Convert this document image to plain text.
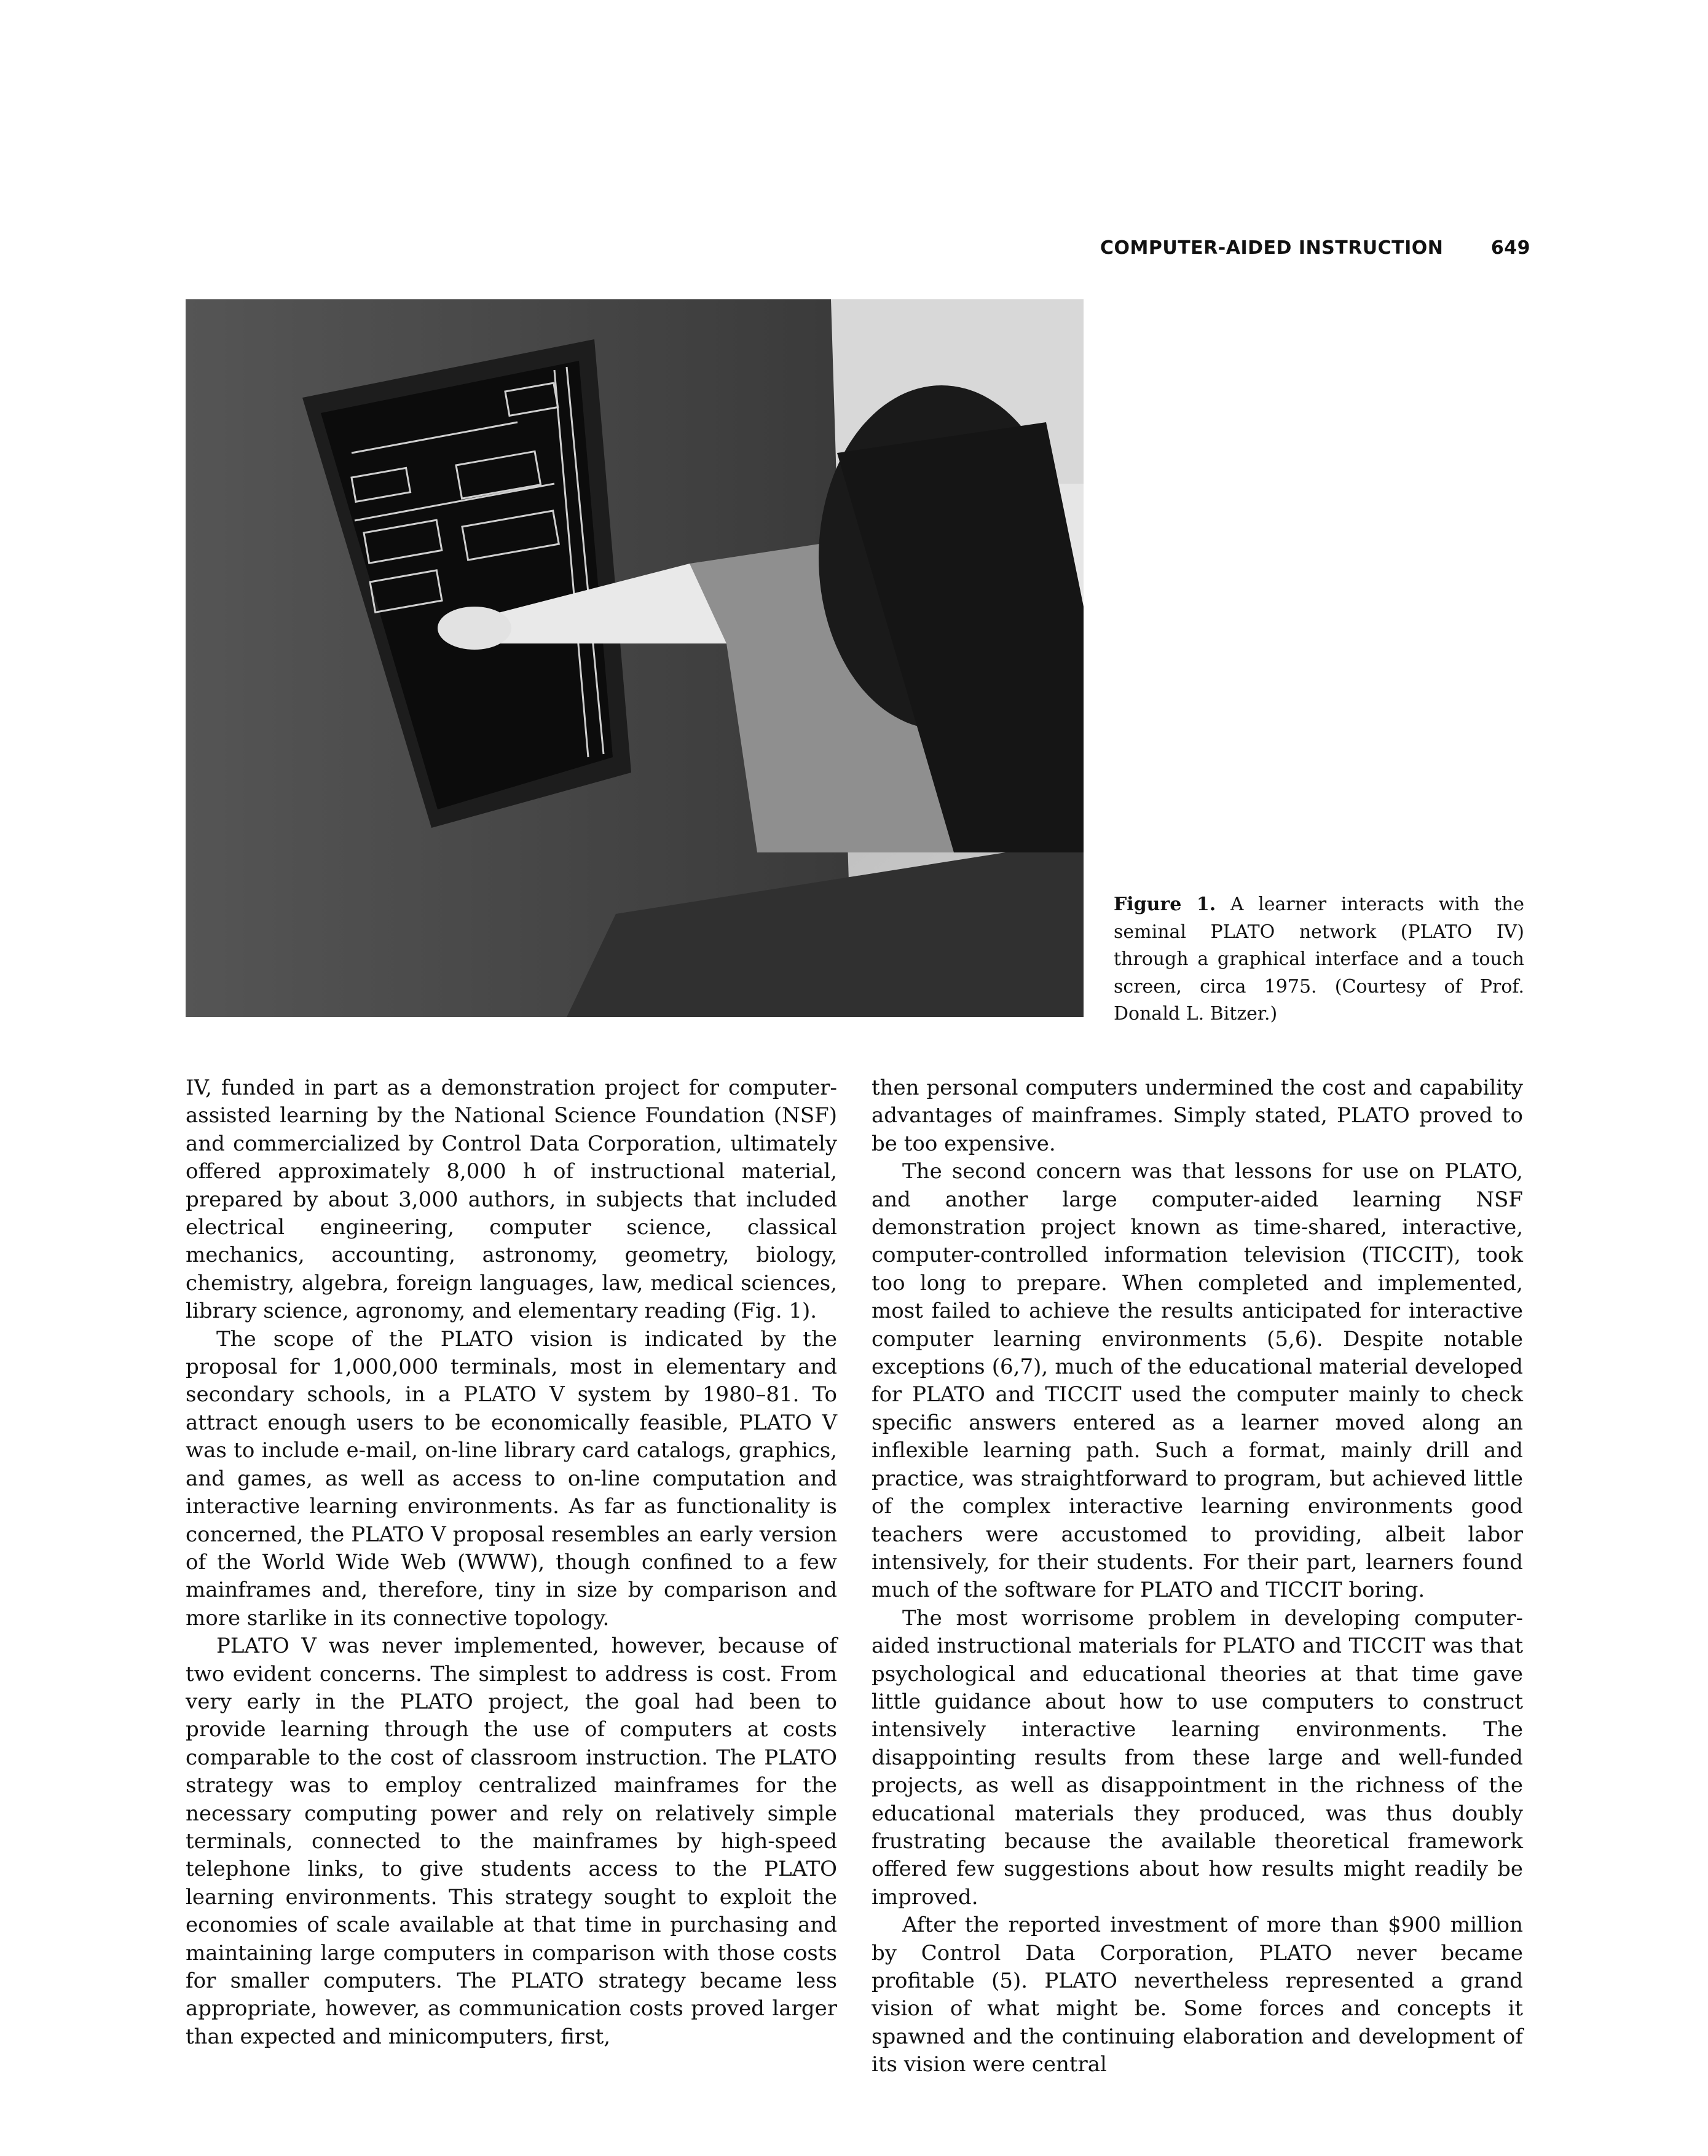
COMPUTER-AIDED INSTRUCTION	649
Figure 1. A learner interacts with the seminal PLATO network (PLATO IV) through a graphical interface and a touch screen, circa 1975. (Courtesy of Prof. Donald L. Bitzer.)

IV, funded in part as a demonstration project for computer-assisted learning by the National Science Foundation (NSF) and commercialized by Control Data Corporation, ultimately offered approximately 8,000 h of instructional material, prepared by about 3,000 authors, in subjects that included electrical engineering, computer science, classical mechanics, accounting, astronomy, geometry, biology, chemistry, algebra, foreign languages, law, medical sciences, library science, agronomy, and elementary reading (Fig. 1).

The scope of the PLATO vision is indicated by the proposal for 1,000,000 terminals, most in elementary and secondary schools, in a PLATO V system by 1980–81. To attract enough users to be economically feasible, PLATO V was to include e-mail, on-line library card catalogs, graphics, and games, as well as access to on-line computation and interactive learning environments. As far as functionality is concerned, the PLATO V proposal resembles an early version of the World Wide Web (WWW), though confined to a few mainframes and, therefore, tiny in size by comparison and more starlike in its connective topology.

PLATO V was never implemented, however, because of two evident concerns. The simplest to address is cost. From very early in the PLATO project, the goal had been to provide learning through the use of computers at costs comparable to the cost of classroom instruction. The PLATO strategy was to employ centralized mainframes for the necessary computing power and rely on relatively simple terminals, connected to the mainframes by high-speed telephone links, to give students access to the PLATO learning environments. This strategy sought to exploit the economies of scale available at that time in purchasing and maintaining large computers in comparison with those costs for smaller computers. The PLATO strategy became less appropriate, however, as communication costs proved larger than expected and minicomputers, first,

then personal computers undermined the cost and capability advantages of mainframes. Simply stated, PLATO proved to be too expensive.

The second concern was that lessons for use on PLATO, and another large computer-aided learning NSF demonstration project known as time-shared, interactive, computer-controlled information television (TICCIT), took too long to prepare. When completed and implemented, most failed to achieve the results anticipated for interactive computer learning environments (5,6). Despite notable exceptions (6,7), much of the educational material developed for PLATO and TICCIT used the computer mainly to check specific answers entered as a learner moved along an inflexible learning path. Such a format, mainly drill and practice, was straightforward to program, but achieved little of the complex interactive learning environments good teachers were accustomed to providing, albeit labor intensively, for their students. For their part, learners found much of the software for PLATO and TICCIT boring.

The most worrisome problem in developing computer-aided instructional materials for PLATO and TICCIT was that psychological and educational theories at that time gave little guidance about how to use computers to construct intensively interactive learning environments. The disappointing results from these large and well-funded projects, as well as disappointment in the richness of the educational materials they produced, was thus doubly frustrating because the available theoretical framework offered few suggestions about how results might readily be improved.

After the reported investment of more than $900 million by Control Data Corporation, PLATO never became profitable (5). PLATO nevertheless represented a grand vision of what might be. Some forces and concepts it spawned and the continuing elaboration and development of its vision were central
